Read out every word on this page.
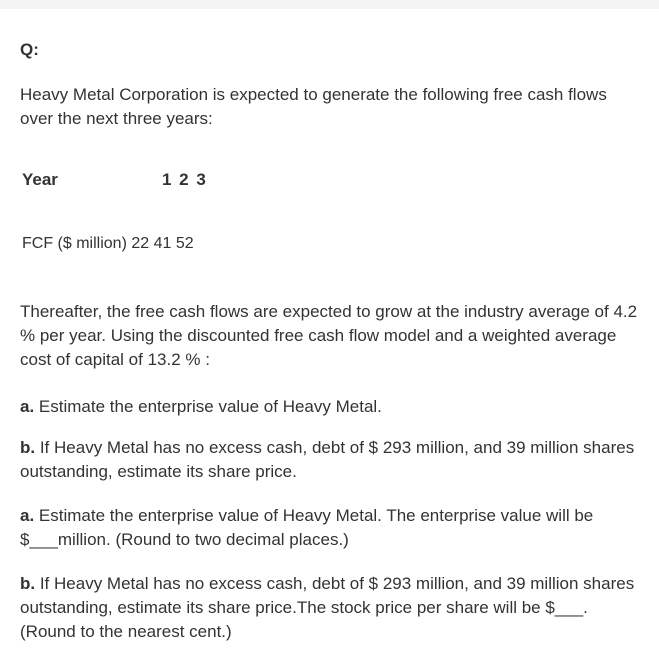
Q:
Heavy Metal Corporation is expected to generate the following free cash flows over the next three years:
Year	1 2 3
FCF ($ million) 22 41 52
Thereafter, the free cash flows are expected to grow at the industry average of 4.2 % per year. Using the discounted free cash flow model and a weighted average cost of capital of 13.2 % :
a. Estimate the enterprise value of Heavy Metal.
b. If Heavy Metal has no excess cash, debt of $ 293 million, and 39 million shares outstanding, estimate its share price.
a. Estimate the enterprise value of Heavy Metal. The enterprise value will be $___million. (Round to two decimal places.)
b. If Heavy Metal has no excess cash, debt of $ 293 million, and 39 million shares outstanding, estimate its share price.The stock price per share will be $___. (Round to the nearest cent.)
